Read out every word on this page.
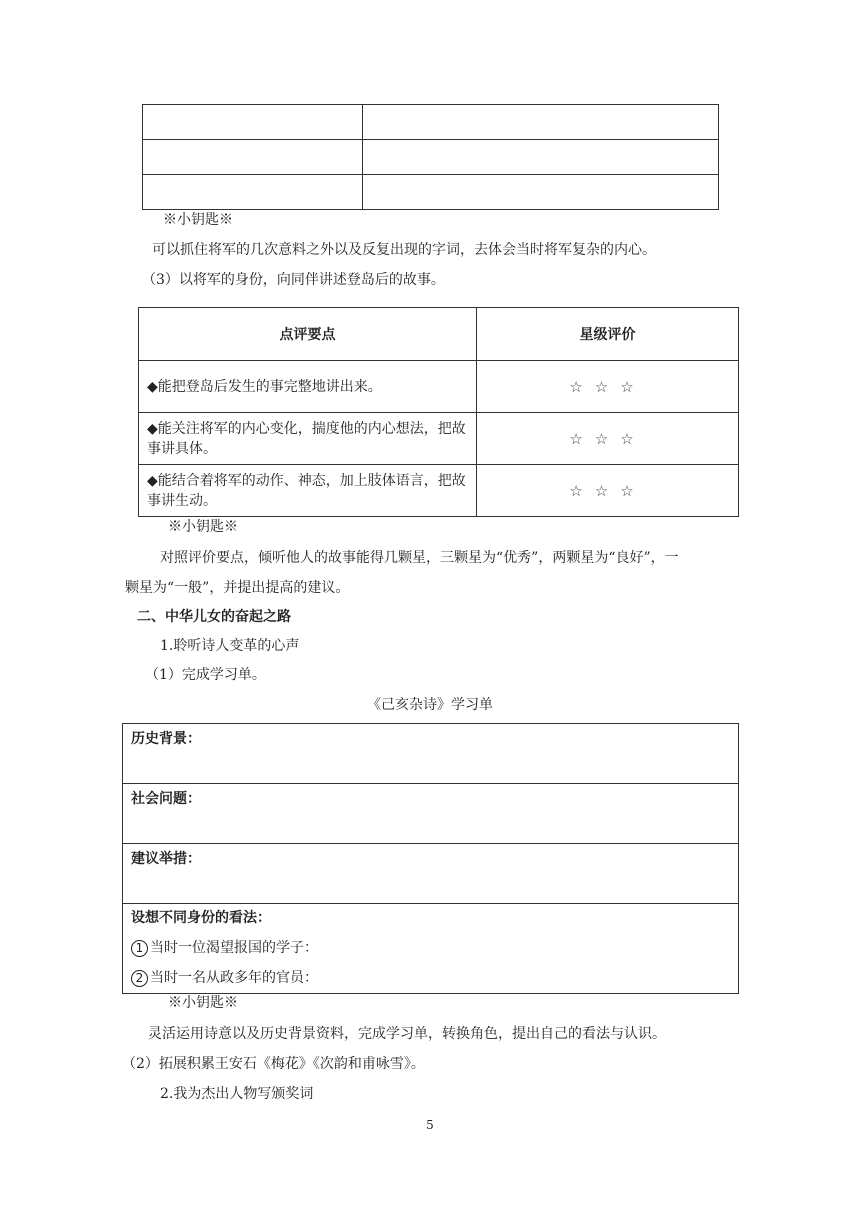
※小钥匙※
可以抓住将军的几次意料之外以及反复出现的字词，去体会当时将军复杂的内心。
（3）以将军的身份，向同伴讲述登岛后的故事。
点评要点	星级评价
◆能把登岛后发生的事完整地讲出来。	☆☆☆
◆能关注将军的内心变化，揣度他的内心想法，把故事讲具体。	☆☆☆
◆能结合着将军的动作、神态，加上肢体语言，把故事讲生动。	☆☆☆
※小钥匙※
对照评价要点，倾听他人的故事能得几颗星，三颗星为“优秀”，两颗星为“良好”，一
颗星为“一般”，并提出提高的建议。
二、中华儿女的奋起之路
1.聆听诗人变革的心声
（1）完成学习单。
《己亥杂诗》学习单
历史背景：
社会问题：
建议举措：

设想不同身份的看法：
1 当时一位渴望报国的学子：
2 当时一名从政多年的官员：
※小钥匙※
灵活运用诗意以及历史背景资料，完成学习单，转换角色，提出自己的看法与认识。
（2）拓展积累王安石《梅花》《次韵和甫咏雪》。
2.我为杰出人物写颁奖词
5
